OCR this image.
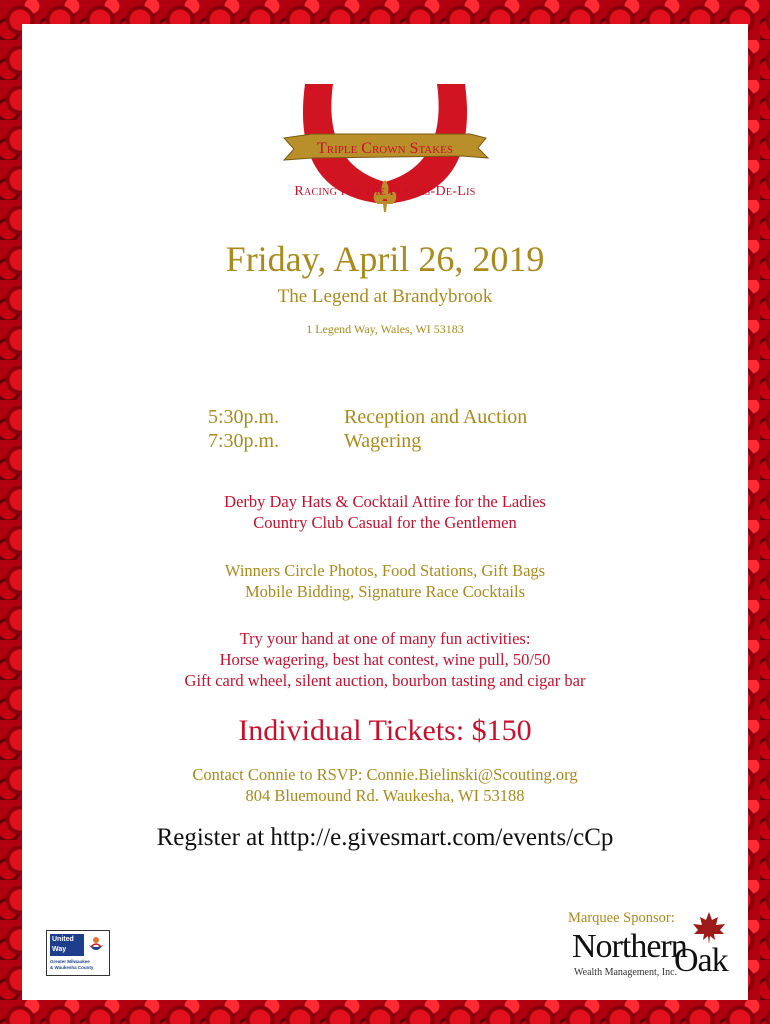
Triple Crown Stakes
Racing for the Fleurs-De-Lis
Friday, April 26, 2019
The Legend at Brandybrook
1 Legend Way, Wales, WI 53183
5:30p.m.
7:30p.m.
Reception and Auction
Wagering
Derby Day Hats & Cocktail Attire for the Ladies
Country Club Casual for the Gentlemen
Winners Circle Photos, Food Stations, Gift Bags
Mobile Bidding, Signature Race Cocktails
Try your hand at one of many fun activities:
Horse wagering, best hat contest, wine pull, 50/50
Gift card wheel, silent auction, bourbon tasting and cigar bar
Individual Tickets: $150
Contact Connie to RSVP: Connie.Bielinski@Scouting.org
804 Bluemound Rd. Waukesha, WI 53188
Register at http://e.givesmart.com/events/cCp
United
Way
Greater Milwaukee
& Waukesha County
Marquee Sponsor:
Northern
Oak
Wealth Management, Inc.
